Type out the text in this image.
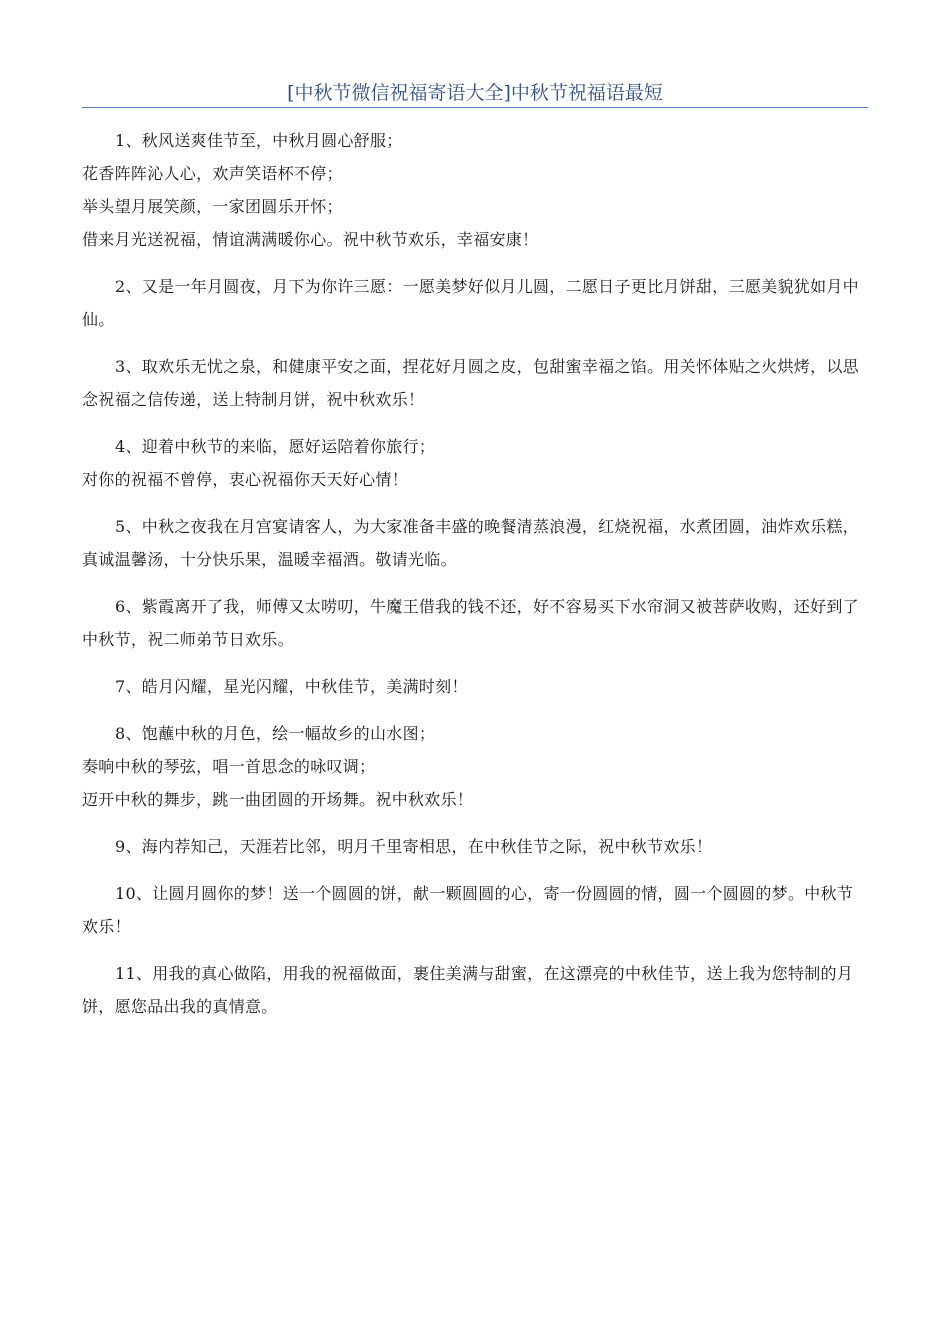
[中秋节微信祝福寄语大全]中秋节祝福语最短
1、秋风送爽佳节至，中秋月圆心舒服；
花香阵阵沁人心，欢声笑语杯不停；
举头望月展笑颜，一家团圆乐开怀；
借来月光送祝福，情谊满满暖你心。祝中秋节欢乐，幸福安康！
2、又是一年月圆夜，月下为你许三愿：一愿美梦好似月儿圆，二愿日子更比月饼甜，三愿美貌犹如月中仙。
3、取欢乐无忧之泉，和健康平安之面，捏花好月圆之皮，包甜蜜幸福之馅。用关怀体贴之火烘烤，以思念祝福之信传递，送上特制月饼，祝中秋欢乐！
4、迎着中秋节的来临，愿好运陪着你旅行；
对你的祝福不曾停，衷心祝福你天天好心情！
5、中秋之夜我在月宫宴请客人，为大家准备丰盛的晚餐清蒸浪漫，红烧祝福，水煮团圆，油炸欢乐糕，真诚温馨汤，十分快乐果，温暖幸福酒。敬请光临。
6、紫霞离开了我，师傅又太唠叨，牛魔王借我的钱不还，好不容易买下水帘洞又被菩萨收购，还好到了中秋节，祝二师弟节日欢乐。
7、皓月闪耀，星光闪耀，中秋佳节，美满时刻！
8、饱蘸中秋的月色，绘一幅故乡的山水图；
奏响中秋的琴弦，唱一首思念的咏叹调；
迈开中秋的舞步，跳一曲团圆的开场舞。祝中秋欢乐！
9、海内荐知己，天涯若比邻，明月千里寄相思，在中秋佳节之际，祝中秋节欢乐！
10、让圆月圆你的梦！送一个圆圆的饼，献一颗圆圆的心，寄一份圆圆的情，圆一个圆圆的梦。中秋节欢乐！
11、用我的真心做陷，用我的祝福做面，裹住美满与甜蜜，在这漂亮的中秋佳节，送上我为您特制的月饼，愿您品出我的真情意。
